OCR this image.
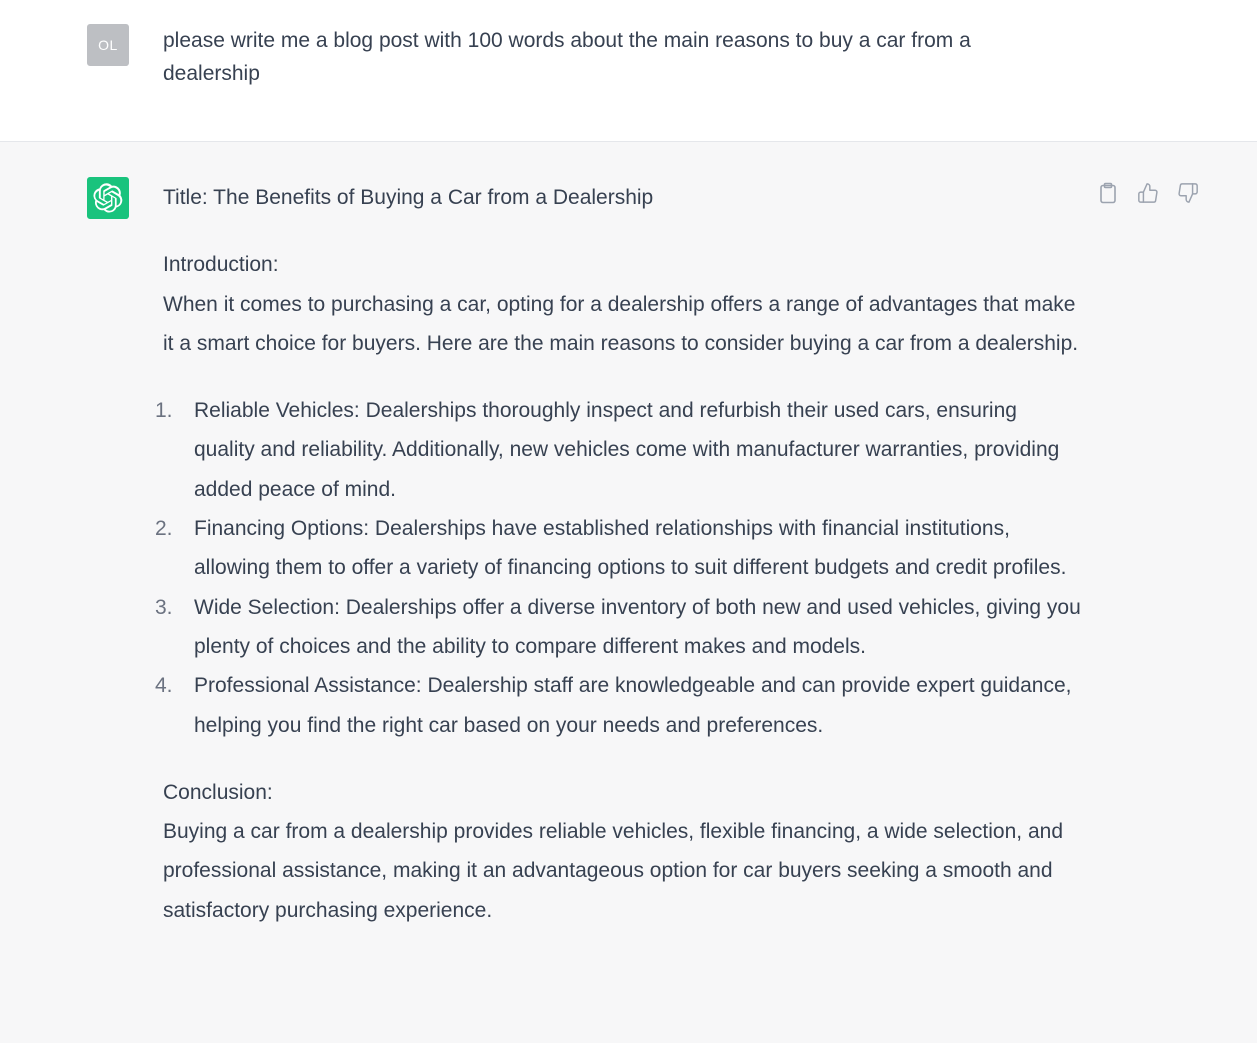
OL	please write me a blog post with 100 words about the main reasons to buy a car from a dealership

Title: The Benefits of Buying a Car from a Dealership

Introduction:

When it comes to purchasing a car, opting for a dealership offers a range of advantages that make it a smart choice for buyers. Here are the main reasons to consider buying a car from a dealership.

1. Reliable Vehicles: Dealerships thoroughly inspect and refurbish their used cars, ensuring quality and reliability. Additionally, new vehicles come with manufacturer warranties, providing added peace of mind.
2. Financing Options: Dealerships have established relationships with financial institutions, allowing them to offer a variety of financing options to suit different budgets and credit profiles.
3. Wide Selection: Dealerships offer a diverse inventory of both new and used vehicles, giving you plenty of choices and the ability to compare different makes and models.
4. Professional Assistance: Dealership staff are knowledgeable and can provide expert guidance, helping you find the right car based on your needs and preferences.

Conclusion:

Buying a car from a dealership provides reliable vehicles, flexible financing, a wide selection, and professional assistance, making it an advantageous option for car buyers seeking a smooth and satisfactory purchasing experience.
